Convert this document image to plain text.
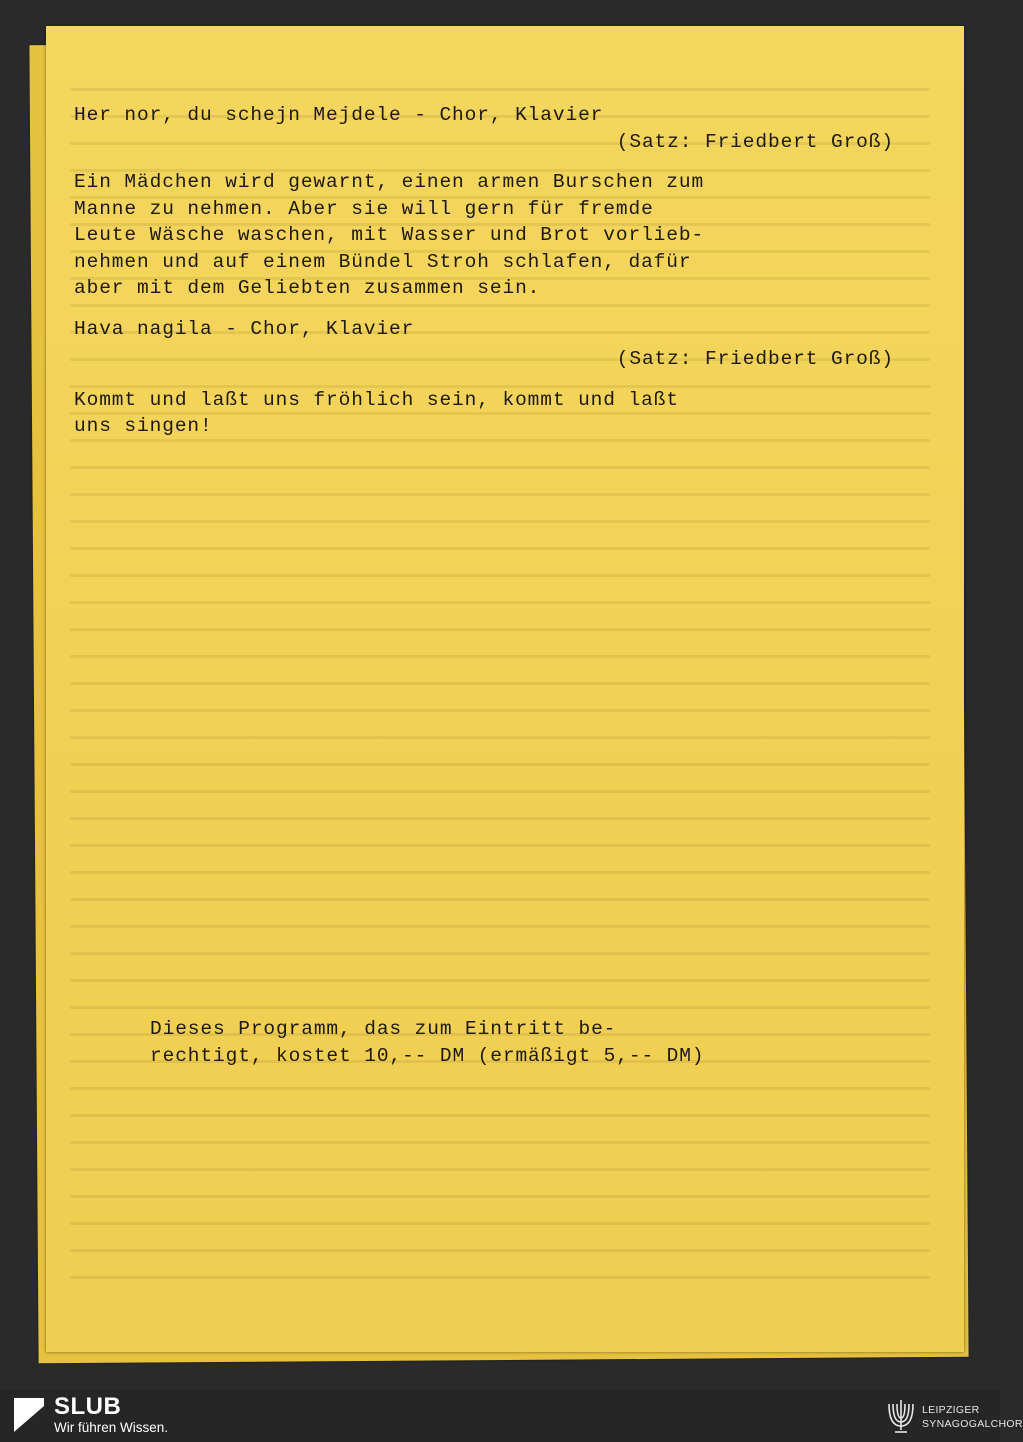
Her nor, du schejn Mejdele - Chor, Klavier
(Satz: Friedbert Groß)
Ein Mädchen wird gewarnt, einen armen Burschen zum
Manne zu nehmen. Aber sie will gern für fremde
Leute Wäsche waschen, mit Wasser und Brot vorlieb-
nehmen und auf einem Bündel Stroh schlafen, dafür
aber mit dem Geliebten zusammen sein.
Hava nagila - Chor, Klavier
(Satz: Friedbert Groß)
Kommt und laßt uns fröhlich sein, kommt und laßt
uns singen!
Dieses Programm, das zum Eintritt be-
rechtigt, kostet 10,-- DM (ermäßigt 5,-- DM)
SLUB
Wir führen Wissen.
LEIPZIGER
SYNAGOGALCHOR
